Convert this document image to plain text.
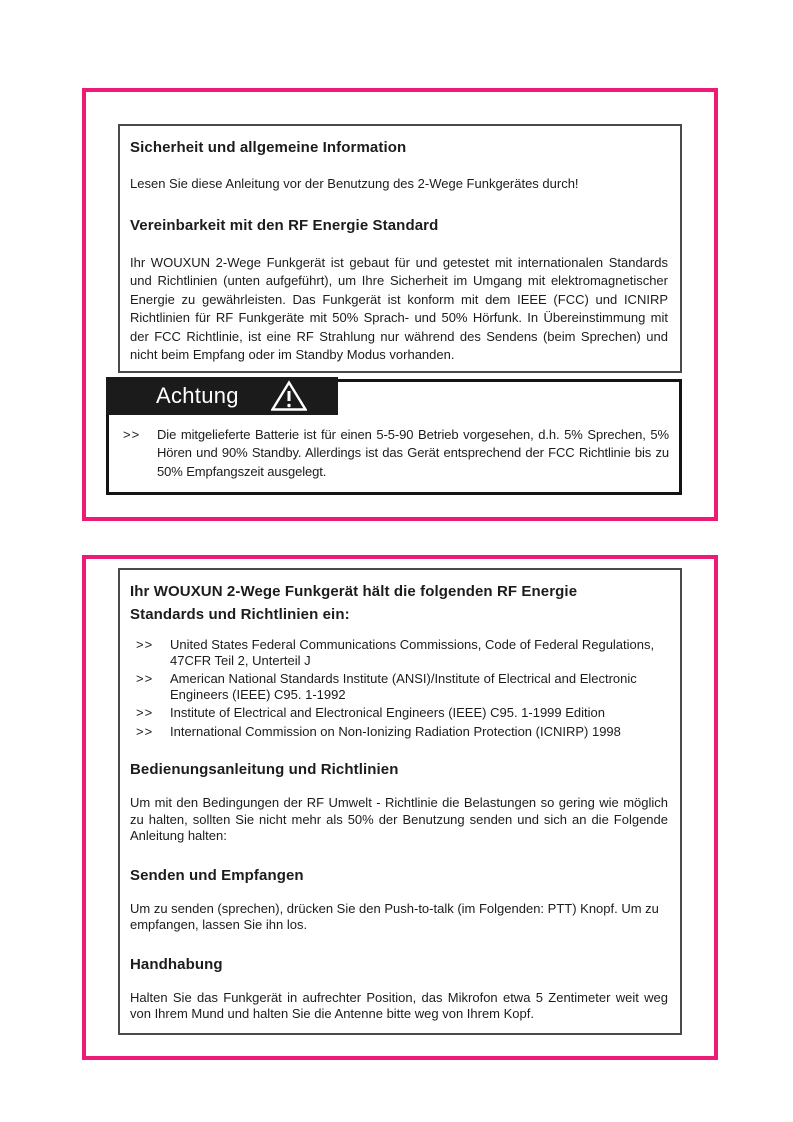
Sicherheit und allgemeine Information
Lesen Sie diese Anleitung vor der Benutzung des 2-Wege Funkgerätes durch!
Vereinbarkeit mit den RF Energie Standard
Ihr WOUXUN 2-Wege Funkgerät ist gebaut für und getestet mit internationalen Standards und Richtlinien (unten aufgeführt), um Ihre Sicherheit im Umgang mit elektromagnetischer Energie zu gewährleisten. Das Funkgerät ist konform mit dem IEEE (FCC) und ICNIRP Richtlinien für RF Funkgeräte mit 50% Sprach- und 50% Hörfunk. In Übereinstimmung mit der FCC Richtlinie, ist eine RF Strahlung nur während des Sendens (beim Sprechen) und nicht beim Empfang oder im Standby Modus vorhanden.
Achtung
>>	Die mitgelieferte Batterie ist für einen 5-5-90 Betrieb vorgesehen, d.h. 5% Sprechen, 5% Hören und 90% Standby. Allerdings ist das Gerät entsprechend der FCC Richtlinie bis zu 50% Empfangszeit ausgelegt.
Ihr WOUXUN 2-Wege Funkgerät hält die folgenden RF Energie Standards und Richtlinien ein:
>>	United States Federal Communications Commissions, Code of Federal Regulations, 47CFR Teil 2, Unterteil J
>>	American National Standards Institute (ANSI)/Institute of Electrical and Electronic Engineers (IEEE) C95. 1-1992
>>	Institute of Electrical and Electronical Engineers (IEEE) C95. 1-1999 Edition
>>	International Commission on Non-Ionizing Radiation Protection (ICNIRP) 1998
Bedienungsanleitung und Richtlinien
Um mit den Bedingungen der RF Umwelt - Richtlinie die Belastungen so gering wie möglich zu halten, sollten Sie nicht mehr als 50% der Benutzung senden und sich an die Folgende Anleitung halten:
Senden und Empfangen
Um zu senden (sprechen), drücken Sie den Push-to-talk (im Folgenden: PTT) Knopf. Um zu empfangen, lassen Sie ihn los.
Handhabung
Halten Sie das Funkgerät in aufrechter Position, das Mikrofon etwa 5 Zentimeter weit weg von Ihrem Mund und halten Sie die Antenne bitte weg von Ihrem Kopf.
